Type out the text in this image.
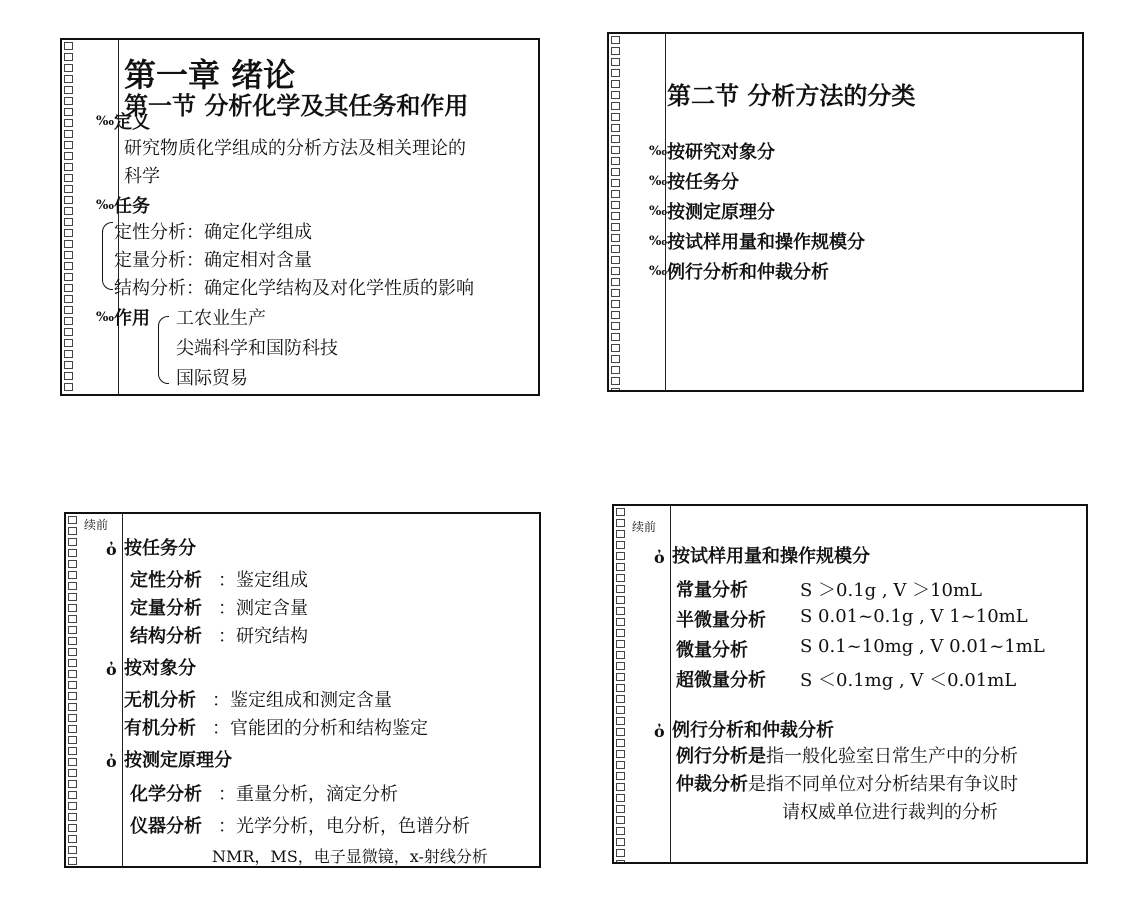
第一章 绪论
第一节 分析化学及其任务和作用
‰ 定义
研究物质化学组成的分析方法及相关理论的
科学
‰ 任务
定性分析：确定化学组成
定量分析：确定相对含量
结构分析：确定化学结构及对化学性质的影响
‰ 作用 工农业生产
尖端科学和国防科技
国际贸易
第二节 分析方法的分类
‰ 按研究对象分
‰ 按任务分
‰ 按测定原理分
‰ 按试样用量和操作规模分
‰ 例行分析和仲裁分析
续前
ὀ 按任务分
定性分析 ：鉴定组成
定量分析 ：测定含量
结构分析 ：研究结构
ὀ 按对象分
无机分析 ：鉴定组成和测定含量
有机分析 ：官能团的分析和结构鉴定
ὀ 按测定原理分
化学分析 ：重量分析，滴定分析
仪器分析 ：光学分析，电分析，色谱分析
NMR，MS，电子显微镜，x-射线分析
续前
ὀ 按试样用量和操作规模分
常量分析	S ＞0.1g , V ＞10mL
半微量分析 S 0.01~0.1g , V 1~10mL
微量分析	S 0.1~10mg , V 0.01~1mL
超微量分析 S ＜0.1mg , V ＜0.01mL
ὀ 例行分析和仲裁分析
例行分析是指一般化验室日常生产中的分析
仲裁分析是指不同单位对分析结果有争议时
请权威单位进行裁判的分析
